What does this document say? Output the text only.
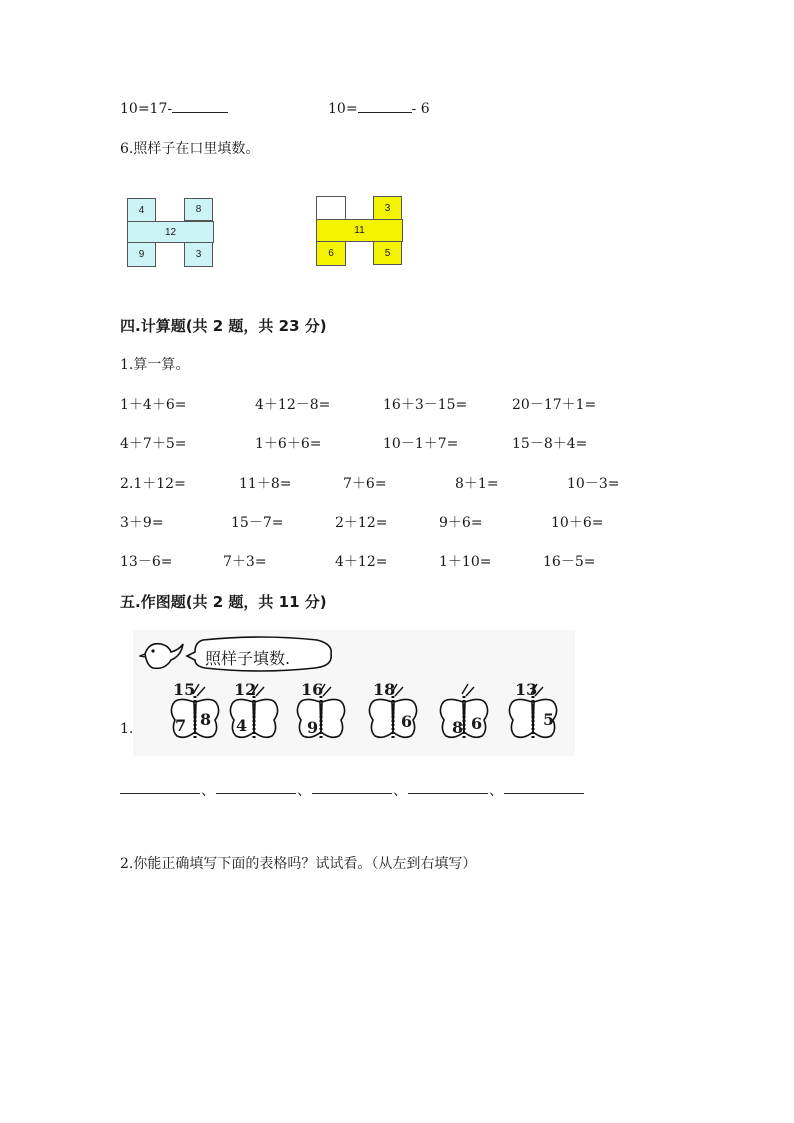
10=17-	10=	- 6
6.照样子在口里填数。
4	8
12
9	3
3
11
6	5
四.计算题(共 2 题，共 23 分)
1.算一算。
1＋4＋6=	4＋12－8=	16＋3－15=	20－17＋1=
4＋7＋5=	1＋6＋6=	10－1＋7=	15－8＋4=
2.1＋12=	11＋8=	7＋6=	8＋1=	10－3=
3＋9=	15－7=	2＋12=	9＋6=	10＋6=
13－6=	7＋3=	4＋12=	1＋10=	16－5=
五.作图题(共 2 题，共 11 分)
照样子填数.
15
7 8
12
4
16
9
18
6 8 6
13
5
1.
、	、	、	、
2.你能正确填写下面的表格吗？试试看。（从左到右填写）
